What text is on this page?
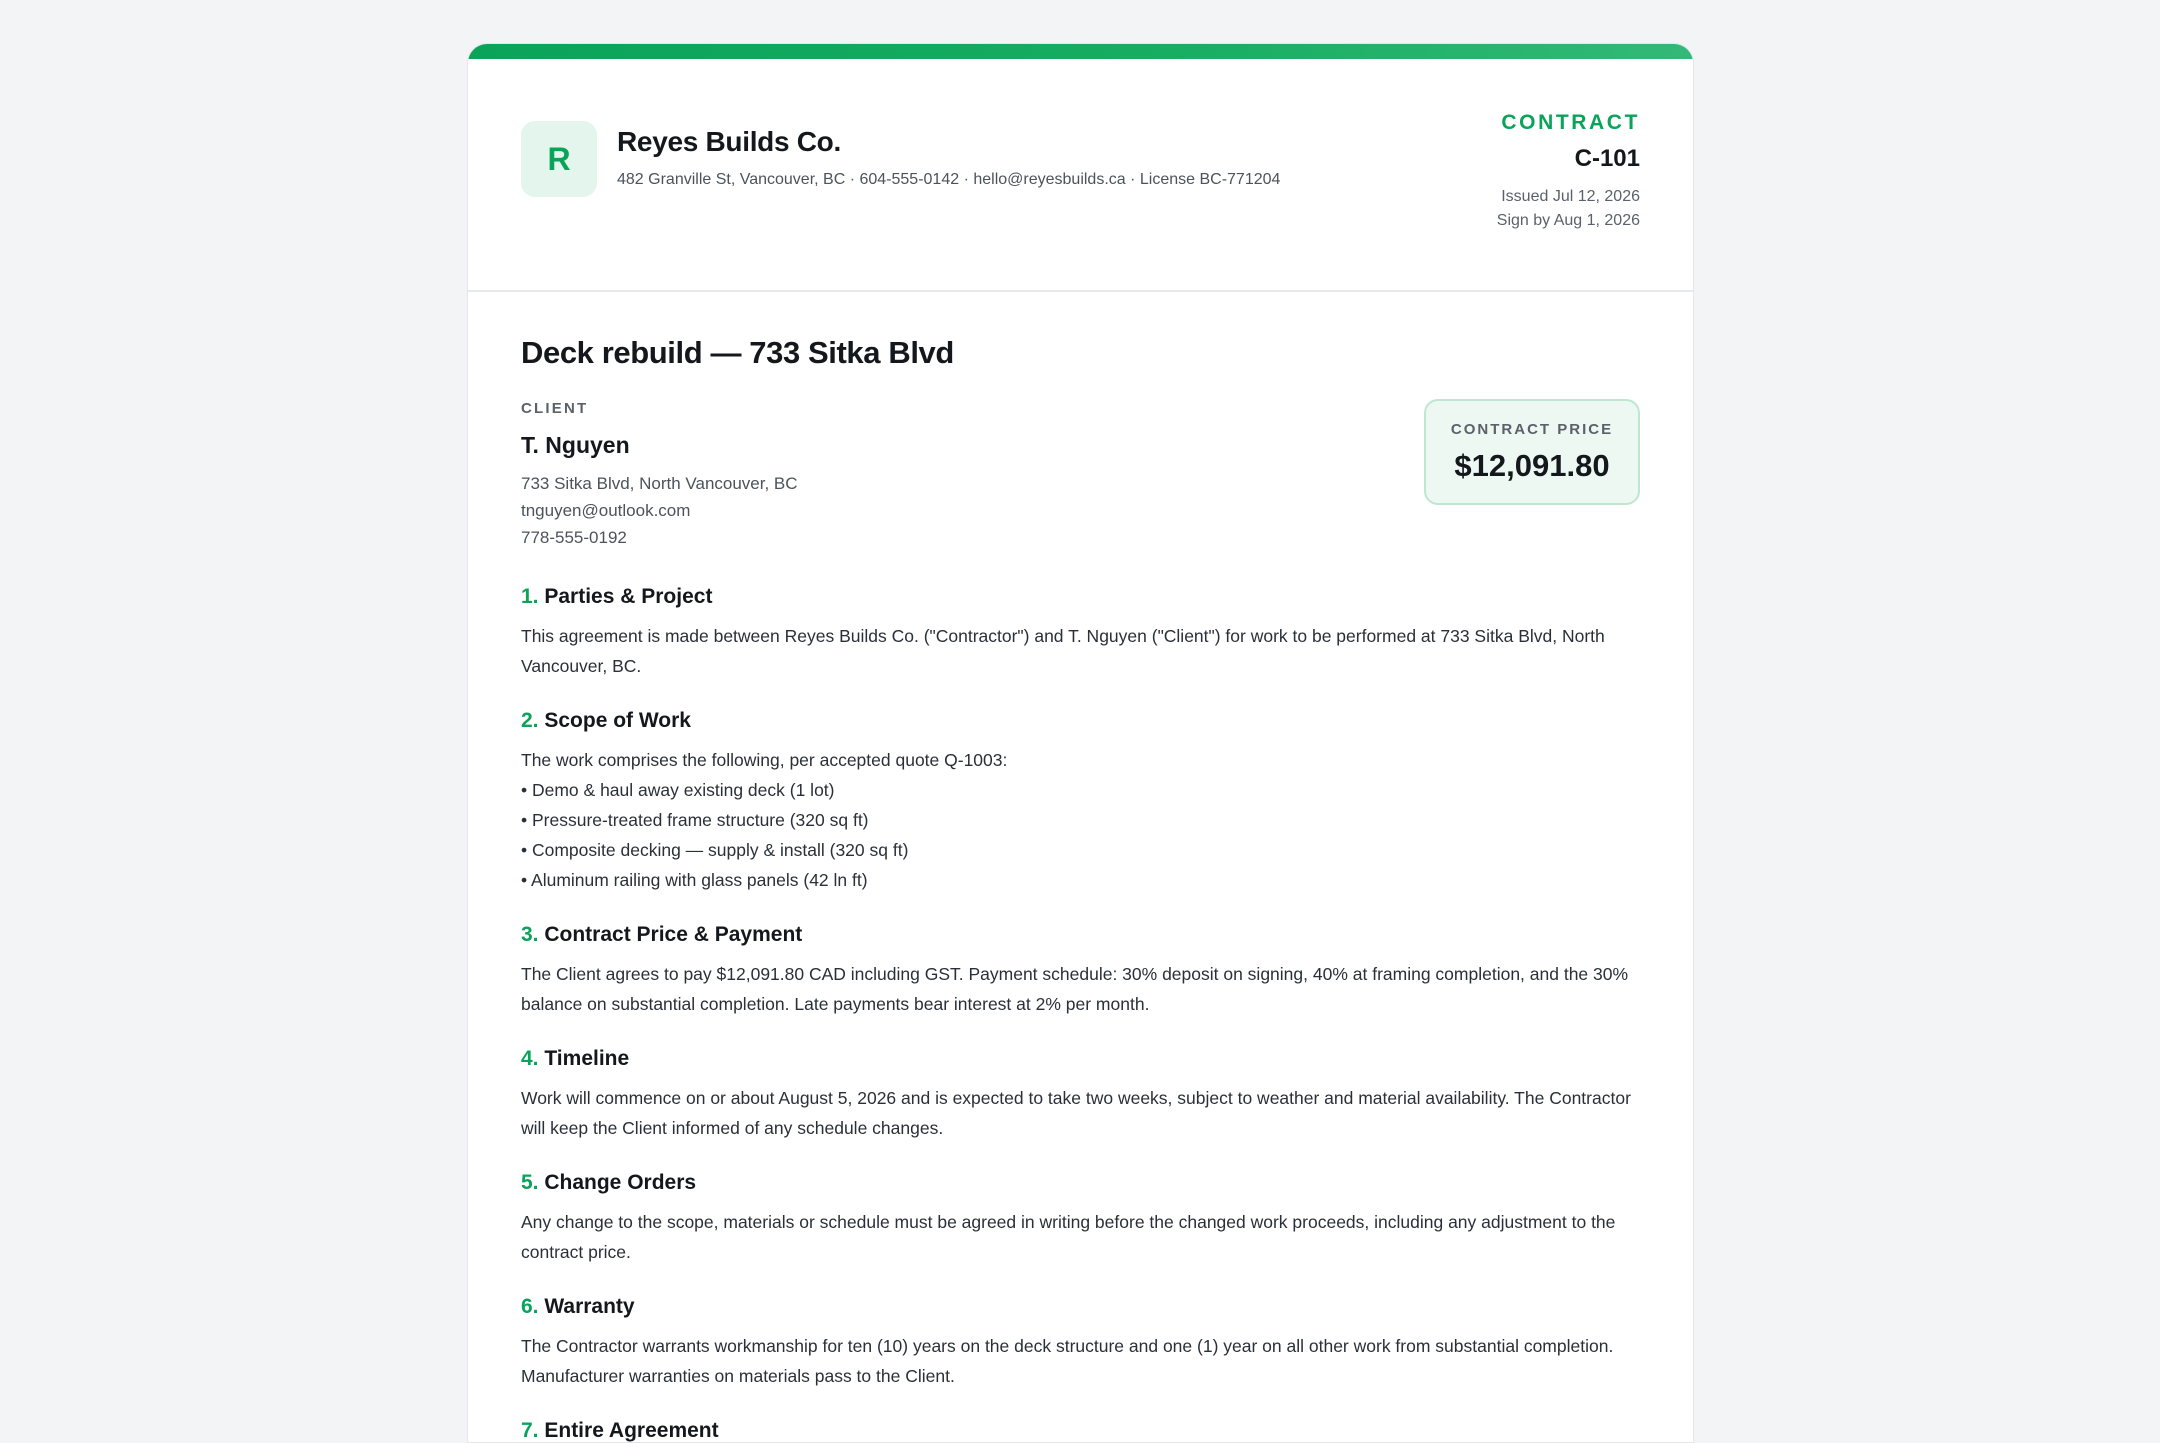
R Reyes Builds Co.
482 Granville St, Vancouver, BC · 604-555-0142 · hello@reyesbuilds.ca · License BC-771204
CONTRACT
C-101
Issued Jul 12, 2026
Sign by Aug 1, 2026
Deck rebuild — 733 Sitka Blvd
CLIENT
T. Nguyen
733 Sitka Blvd, North Vancouver, BC
tnguyen@outlook.com
778-555-0192
CONTRACT PRICE
$12,091.80
1. Parties & Project
This agreement is made between Reyes Builds Co. ("Contractor") and T. Nguyen ("Client") for work to be performed at 733 Sitka Blvd, North Vancouver, BC.
2. Scope of Work
The work comprises the following, per accepted quote Q-1003:
• Demo & haul away existing deck (1 lot)
• Pressure-treated frame structure (320 sq ft)
• Composite decking — supply & install (320 sq ft)
• Aluminum railing with glass panels (42 ln ft)
3. Contract Price & Payment
The Client agrees to pay $12,091.80 CAD including GST. Payment schedule: 30% deposit on signing, 40% at framing completion, and the 30% balance on substantial completion. Late payments bear interest at 2% per month.
4. Timeline
Work will commence on or about August 5, 2026 and is expected to take two weeks, subject to weather and material availability. The Contractor will keep the Client informed of any schedule changes.
5. Change Orders
Any change to the scope, materials or schedule must be agreed in writing before the changed work proceeds, including any adjustment to the contract price.
6. Warranty
The Contractor warrants workmanship for ten (10) years on the deck structure and one (1) year on all other work from substantial completion. Manufacturer warranties on materials pass to the Client.
7. Entire Agreement
